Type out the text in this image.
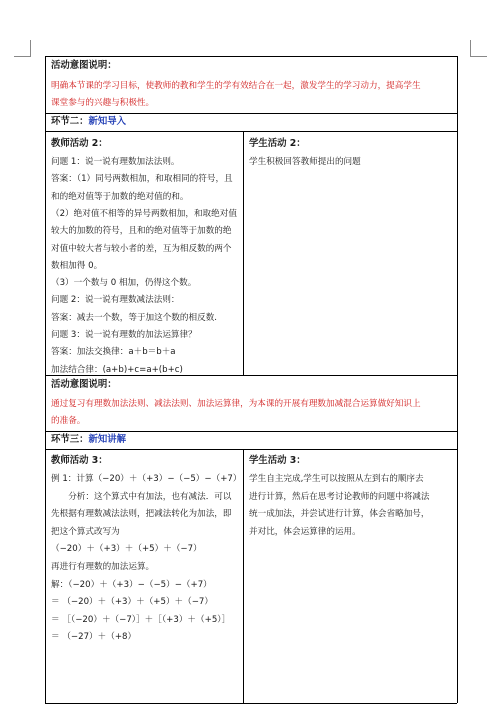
活动意图说明：
明确本节课的学习目标，使教师的教和学生的学有效结合在一起，激发学生的学习动力，提高学生
课堂参与的兴趣与积极性。
环节二：新知导入
教师活动 2：
问题 1：说一说有理数加法法则。
答案：（1）同号两数相加，和取相同的符号，且
和的绝对值等于加数的绝对值的和。
（2）绝对值不相等的异号两数相加，和取绝对值
较大的加数的符号，且和的绝对值等于加数的绝
对值中较大者与较小者的差，互为相反数的两个
数相加得 0。
（3）一个数与 0 相加，仍得这个数。
问题 2：说一说有理数减法法则：
答案：减去一个数，等于加这个数的相反数.
问题 3：说一说有理数的加法运算律？
答案：加法交换律：a＋b＝b＋a
加法结合律：(a+b)+c=a+(b+c)
学生活动 2：
学生积极回答教师提出的问题
活动意图说明：
通过复习有理数加法法则、减法法则、加法运算律，为本课的开展有理数加减混合运算做好知识上
的准备。
环节三：新知讲解
教师活动 3：
例 1：计算（−20）＋（+3）−（−5）−（+7）
　　分析：这个算式中有加法，也有减法．可以
先根据有理数减法法则，把减法转化为加法，即
把这个算式改写为
（−20）＋（+3）＋（+5）＋（−7）
再进行有理数的加法运算。
解：（−20）＋（+3）−（−5）−（+7）
＝ （−20）＋（+3）＋（+5）＋（−7）
＝ ［（−20）＋（−7）］＋［（+3）＋（+5）］
＝ （−27）＋（+8）
学生活动 3：
学生自主完成,学生可以按照从左到右的顺序去
进行计算，然后在思考讨论教师的问题中将减法
统一成加法，并尝试进行计算，体会省略加号，
并对比，体会运算律的运用。
